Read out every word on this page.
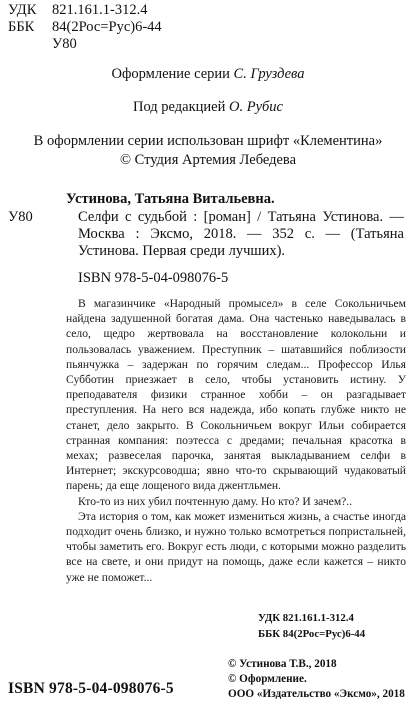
УДК 821.161.1-312.4
ББК 84(2Рос=Рус)6-44
У80
Оформление серии С. Груздева
Под редакцией О. Рубис
В оформлении серии использован шрифт «Клементина»
© Студия Артемия Лебедева
Устинова, Татьяна Витальевна.
У80	Селфи с судьбой : [роман] / Татьяна Устинова. — Москва : Эксмо, 2018. — 352 с. — (Татьяна Устинова. Первая среди лучших).
ISBN 978-5-04-098076-5

В магазинчике «Народный промысел» в селе Сокольничьем найдена задушенной богатая дама. Она частенько наведывалась в село, щедро жертвовала на восстановление колокольни и пользовалась уважением. Преступник – шатавшийся поблизости пьянчужка – задержан по горячим следам... Профессор Илья Субботин приезжает в село, чтобы установить истину. У преподавателя физики странное хобби – он разгадывает преступления. На него вся надежда, ибо копать глубже никто не станет, дело закрыто. В Сокольничьем вокруг Ильи собирается странная компания: поэтесса с дредами; печальная красотка в мехах; развеселая парочка, занятая выкладыванием селфи в Интернет; экскурсоводша; явно что-то скрывающий чудаковатый парень; да еще лощеного вида джентльмен.

Кто-то из них убил почтенную даму. Но кто? И зачем?..

Эта история о том, как может измениться жизнь, а счастье иногда подходит очень близко, и нужно только всмотреться попристальней, чтобы заметить его. Вокруг есть люди, с которыми можно разделить все на свете, и они придут на помощь, даже если кажется – никто уже не поможет...

УДК 821.161.1-312.4
ББК 84(2Рос=Рус)6-44
© Устинова Т.В., 2018
© Оформление.
ООО «Издательство «Эксмо», 2018
ISBN 978-5-04-098076-5
